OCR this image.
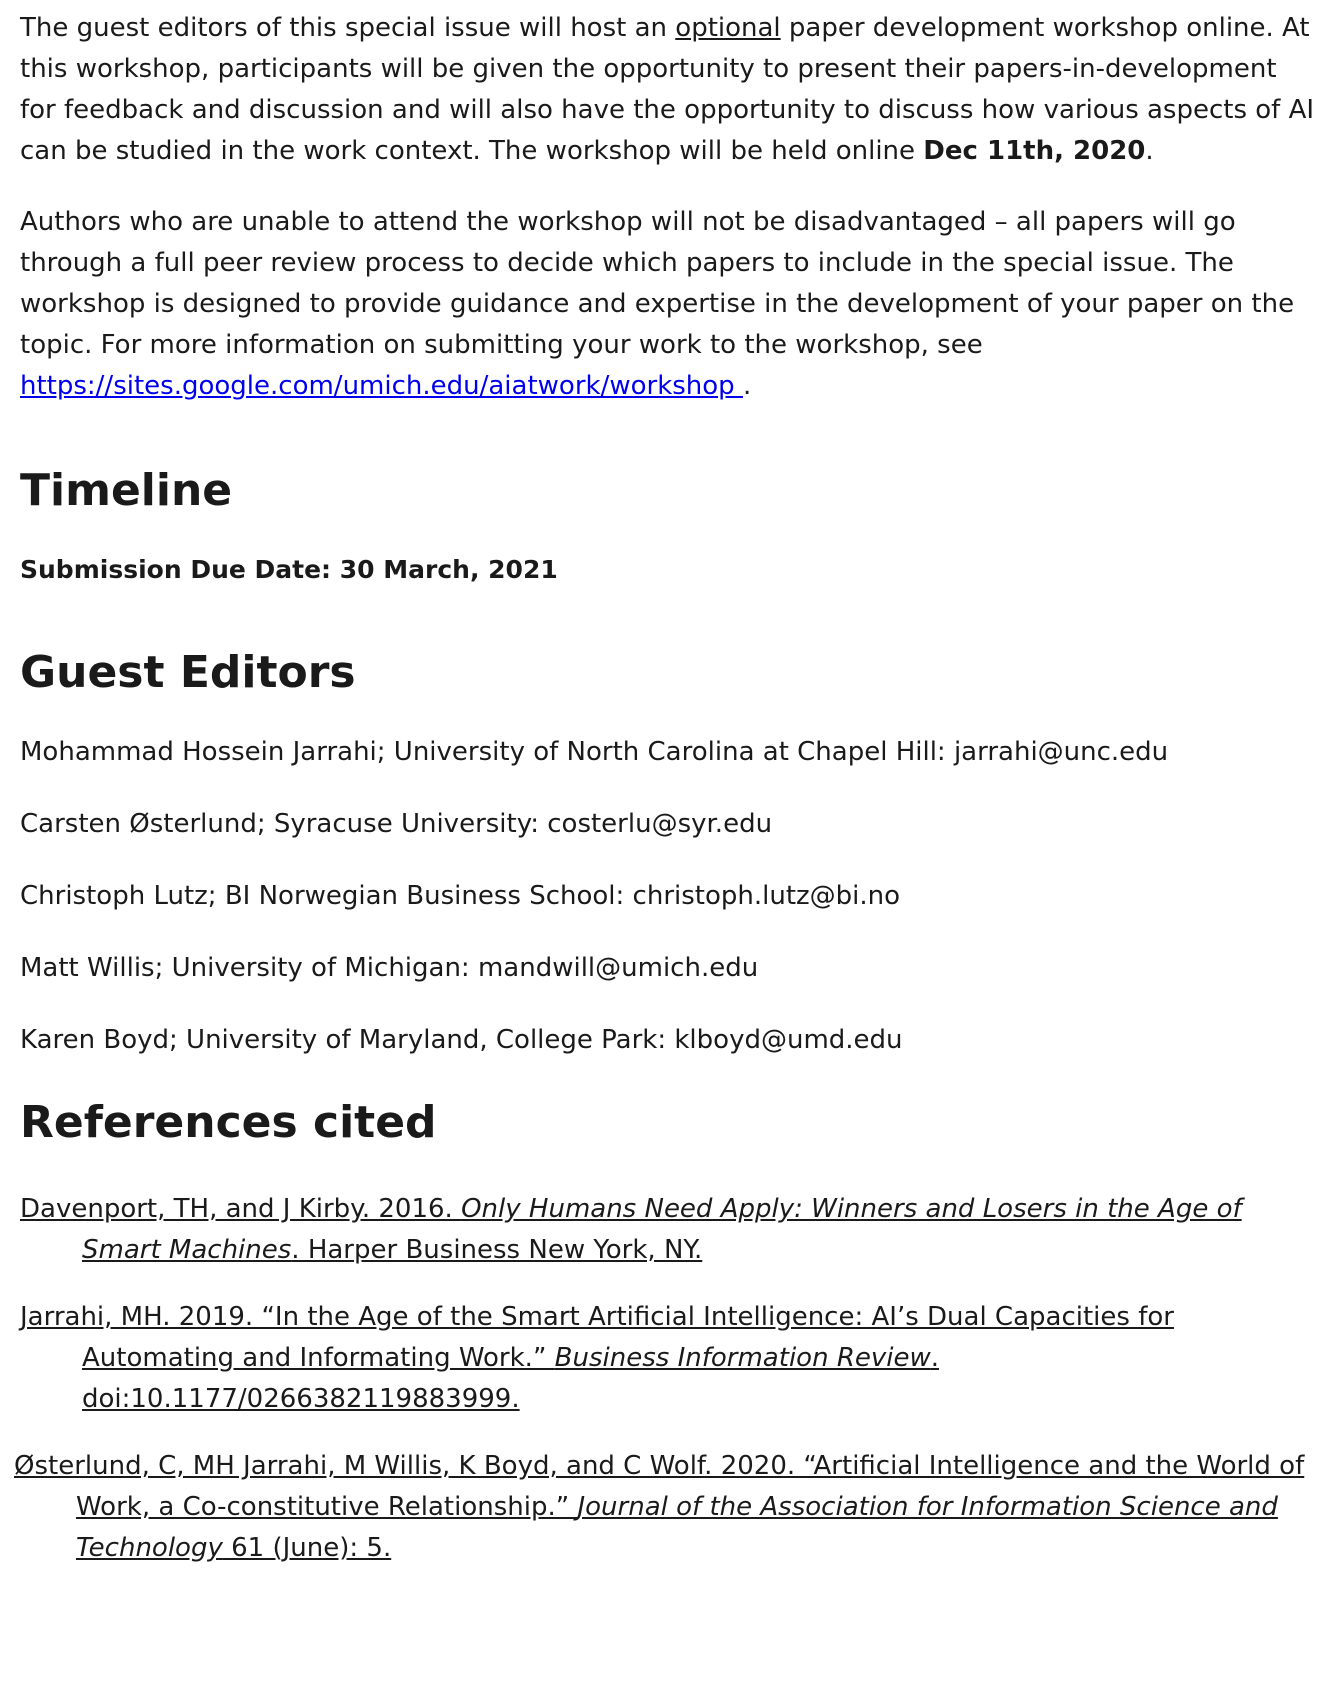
The guest editors of this special issue will host an optional paper development workshop online. At this workshop, participants will be given the opportunity to present their papers-in-development for feedback and discussion and will also have the opportunity to discuss how various aspects of AI can be studied in the work context. The workshop will be held online Dec 11th, 2020.

Authors who are unable to attend the workshop will not be disadvantaged – all papers will go through a full peer review process to decide which papers to include in the special issue. The workshop is designed to provide guidance and expertise in the development of your paper on the topic. For more information on submitting your work to the workshop, see https://sites.google.com/umich.edu/aiatwork/workshop .

Timeline

Submission Due Date: 30 March, 2021

Guest Editors

Mohammad Hossein Jarrahi; University of North Carolina at Chapel Hill: jarrahi@unc.edu

Carsten Østerlund; Syracuse University: costerlu@syr.edu

Christoph Lutz; BI Norwegian Business School: christoph.lutz@bi.no

Matt Willis; University of Michigan: mandwill@umich.edu

Karen Boyd; University of Maryland, College Park: klboyd@umd.edu

References cited

Davenport, TH, and J Kirby. 2016. Only Humans Need Apply: Winners and Losers in the Age of Smart Machines. Harper Business New York, NY.

Jarrahi, MH. 2019. “In the Age of the Smart Artificial Intelligence: AI’s Dual Capacities for Automating and Informating Work.” Business Information Review. doi:10.1177/0266382119883999.

Østerlund, C, MH Jarrahi, M Willis, K Boyd, and C Wolf. 2020. “Artificial Intelligence and the World of Work, a Co-constitutive Relationship.” Journal of the Association for Information Science and Technology 61 (June): 5.
